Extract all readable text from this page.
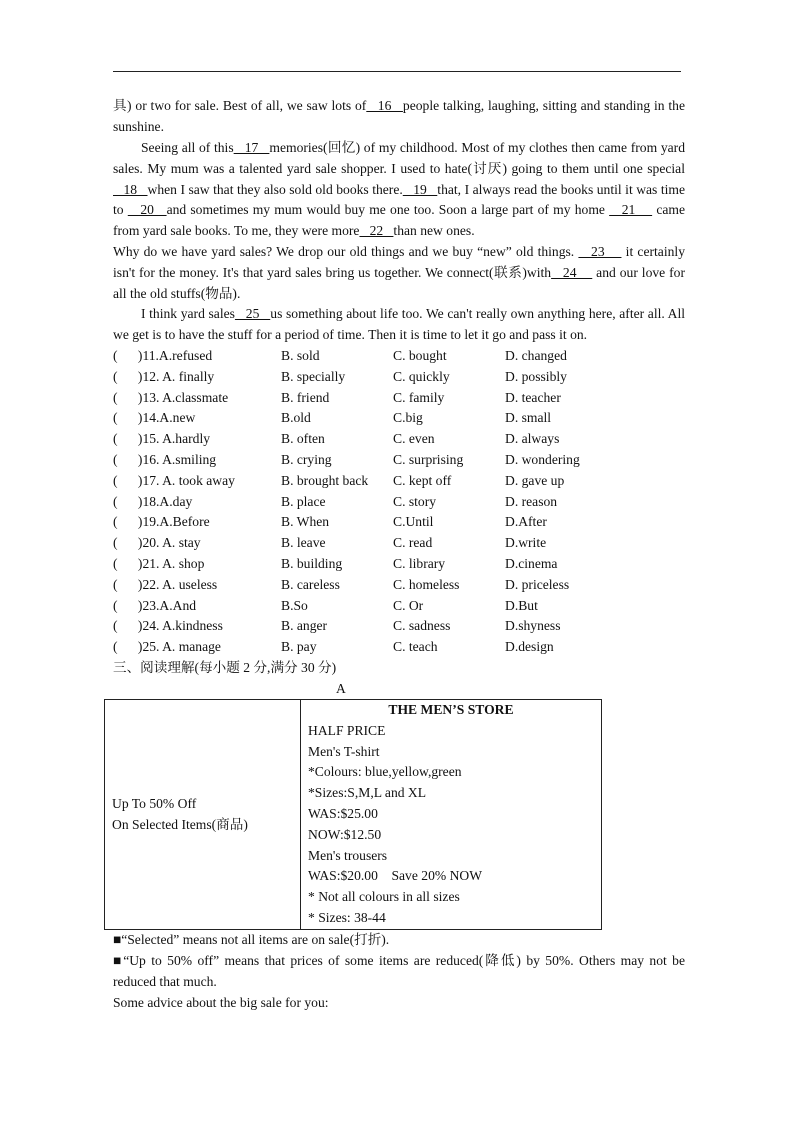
具) or two for sale. Best of all, we saw lots of   16   people talking, laughing, sitting and standing in the sunshine.
Seeing all of this   17   memories(回忆) of my childhood. Most of my clothes then came from yard sales. My mum was a talented yard sale shopper. I used to hate(讨厌) going to them until one special   18   when I saw that they also sold old books there.   19   that, I always read the books until it was time to    20   and sometimes my mum would buy me one too. Soon a large part of my home    21     came from yard sale books. To me, they were more   22   than new ones.
Why do we have yard sales? We drop our old things and we buy “new” old things.    23     it certainly isn't for the money. It's that yard sales bring us together. We connect(联系)with   24     and our love for all the old stuffs(物品).
I think yard sales   25   us something about life too. We can't really own anything here, after all. All we get is to have the stuff for a period of time. Then it is time to let it go and pass it on.
(      )11.A.refused	B. sold	C. bought	D. changed
(      )12. A. finally	B. specially	C. quickly	D. possibly
(      )13. A.classmate	B. friend	C. family	D. teacher
(      )14.A.new	B.old	C.big	D. small
(      )15. A.hardly	B. often	C. even	D. always
(      )16. A.smiling	B. crying	C. surprising	D. wondering
(      )17. A. took away	B. brought back C. kept off	D. gave up
(      )18.A.day	B. place	C. story	D. reason
(      )19.A.Before	B. When	C.Until	D.After
(      )20. A. stay	B. leave	C. read	D.write
(      )21. A. shop	B. building	C. library	D.cinema
(      )22. A. useless	B. careless	C. homeless	D. priceless
(      )23.A.And	B.So	C. Or	D.But
(      )24. A.kindness	B. anger	C. sadness	D.shyness
(      )25. A. manage	B. pay	C. teach	D.design
三、阅读理解(每小题 2 分,满分 30 分)
A
Up To 50% Off
On Selected Items(商品)

THE MEN’S STORE
HALF PRICE
Men's T-shirt
*Colours: blue,yellow,green
*Sizes:S,M,L and XL
WAS:$25.00
NOW:$12.50
Men's trousers
WAS:$20.00    Save 20% NOW
* Not all colours in all sizes
* Sizes: 38-44
■“Selected” means not all items are on sale(打折).
■“Up to 50% off” means that prices of some items are reduced(降低) by 50%. Others may not be reduced that much.
Some advice about the big sale for you:
